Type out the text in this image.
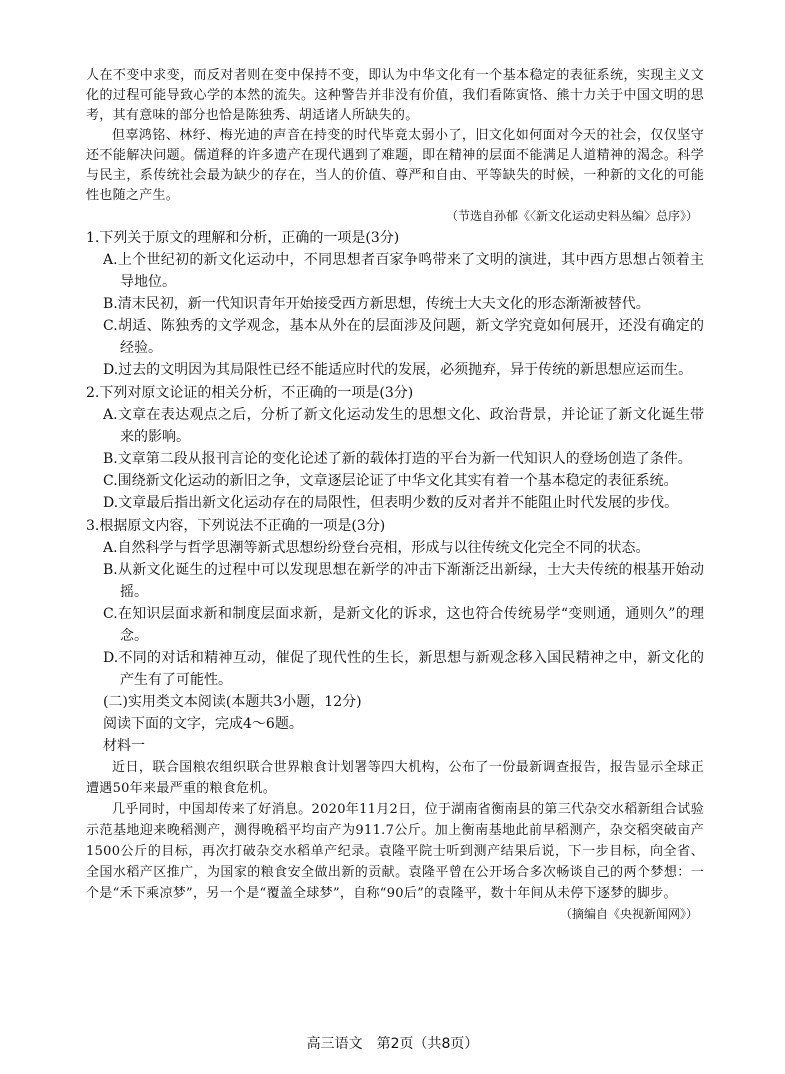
人在不变中求变，而反对者则在变中保持不变，即认为中华文化有一个基本稳定的表征系统，实现主义文化的过程可能导致心学的本然的流失。这种警告并非没有价值，我们看陈寅恪、熊十力关于中国文明的思考，其有意味的部分也恰是陈独秀、胡适诸人所缺失的。

但辜鸿铭、林纾、梅光迪的声音在持变的时代毕竟太弱小了，旧文化如何面对今天的社会，仅仅坚守还不能解决问题。儒道释的许多遗产在现代遇到了难题，即在精神的层面不能满足人道精神的渴念。科学与民主，系传统社会最为缺少的存在，当人的价值、尊严和自由、平等缺失的时候，一种新的文化的可能性也随之产生。

（节选自孙郁《〈新文化运动史料丛编〉总序》）

1.下列关于原文的理解和分析，正确的一项是(3分)

A.上个世纪初的新文化运动中，不同思想者百家争鸣带来了文明的演进，其中西方思想占领着主导地位。

B.清末民初，新一代知识青年开始接受西方新思想，传统士大夫文化的形态渐渐被替代。

C.胡适、陈独秀的文学观念，基本从外在的层面涉及问题，新文学究竟如何展开，还没有确定的经验。

D.过去的文明因为其局限性已经不能适应时代的发展，必须抛弃，异于传统的新思想应运而生。

2.下列对原文论证的相关分析，不正确的一项是(3分)

A.文章在表达观点之后，分析了新文化运动发生的思想文化、政治背景，并论证了新文化诞生带来的影响。

B.文章第二段从报刊言论的变化论述了新的载体打造的平台为新一代知识人的登场创造了条件。

C.围绕新文化运动的新旧之争，文章逐层论证了中华文化其实有着一个基本稳定的表征系统。

D.文章最后指出新文化运动存在的局限性，但表明少数的反对者并不能阻止时代发展的步伐。

3.根据原文内容，下列说法不正确的一项是(3分)

A.自然科学与哲学思潮等新式思想纷纷登台亮相，形成与以往传统文化完全不同的状态。

B.从新文化诞生的过程中可以发现思想在新学的冲击下渐渐泛出新绿，士大夫传统的根基开始动摇。

C.在知识层面求新和制度层面求新，是新文化的诉求，这也符合传统易学“变则通，通则久”的理念。

D.不同的对话和精神互动，催促了现代性的生长，新思想与新观念移入国民精神之中，新文化的产生有了可能性。

(二)实用类文本阅读(本题共3小题，12分)

阅读下面的文字，完成4～6题。

材料一

近日，联合国粮农组织联合世界粮食计划署等四大机构，公布了一份最新调查报告，报告显示全球正遭遇50年来最严重的粮食危机。

几乎同时，中国却传来了好消息。2020年11月2日，位于湖南省衡南县的第三代杂交水稻新组合试验示范基地迎来晚稻测产，测得晚稻平均亩产为911.7公斤。加上衡南基地此前早稻测产，杂交稻突破亩产1500公斤的目标，再次打破杂交水稻单产纪录。袁隆平院士听到测产结果后说，下一步目标，向全省、全国水稻产区推广，为国家的粮食安全做出新的贡献。袁隆平曾在公开场合多次畅谈自己的两个梦想：一个是“禾下乘凉梦”，另一个是“覆盖全球梦”，自称“90后”的袁隆平，数十年间从未停下逐梦的脚步。

（摘编自《央视新闻网》）

高三语文　第2页（共8页）
